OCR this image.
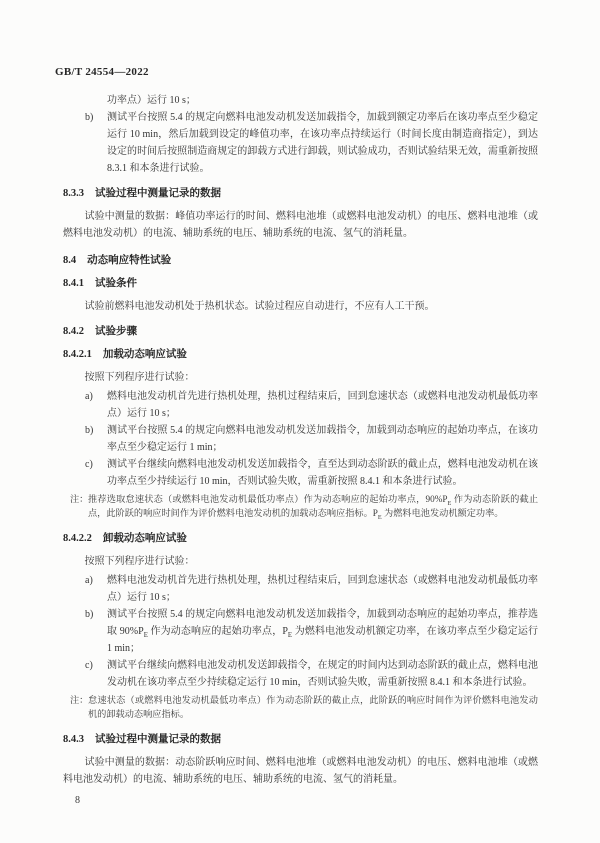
GB/T 24554—2022
功率点）运行 10 s；
b)	测试平台按照 5.4 的规定向燃料电池发动机发送加载指令，加载到额定功率后在该功率点至少稳定运行 10 min，然后加载到设定的峰值功率，在该功率点持续运行（时间长度由制造商指定），到达设定的时间后按照制造商规定的卸载方式进行卸载，则试验成功，否则试验结果无效，需重新按照 8.3.1 和本条进行试验。
8.3.3 试验过程中测量记录的数据

试验中测量的数据：峰值功率运行的时间、燃料电池堆（或燃料电池发动机）的电压、燃料电池堆（或燃料电池发动机）的电流、辅助系统的电压、辅助系统的电流、氢气的消耗量。

8.4 动态响应特性试验
8.4.1 试验条件

试验前燃料电池发动机处于热机状态。试验过程应自动进行，不应有人工干预。

8.4.2 试验步骤
8.4.2.1 加载动态响应试验

按照下列程序进行试验：

a)	燃料电池发动机首先进行热机处理，热机过程结束后，回到怠速状态（或燃料电池发动机最低功率点）运行 10 s；
b)	测试平台按照 5.4 的规定向燃料电池发动机发送加载指令，加载到动态响应的起始功率点，在该功率点至少稳定运行 1 min；
c)	测试平台继续向燃料电池发动机发送加载指令，直至达到动态阶跃的截止点，燃料电池发动机在该功率点至少持续运行 10 min，否则试验失败，需重新按照 8.4.1 和本条进行试验。
注： 推荐选取怠速状态（或燃料电池发动机最低功率点）作为动态响应的起始功率点，$90\%P_E$ 作为动态阶跃的截止点，此阶跃的响应时间作为评价燃料电池发动机的加载动态响应指标。$P_E$ 为燃料电池发动机额定功率。
8.4.2.2 卸载动态响应试验

按照下列程序进行试验：

a)	燃料电池发动机首先进行热机处理，热机过程结束后，回到怠速状态（或燃料电池发动机最低功率点）运行 10 s；
b)	测试平台按照 5.4 的规定向燃料电池发动机发送加载指令，加载到动态响应的起始功率点，推荐选取 $90\%P_E$ 作为动态响应的起始功率点，$P_E$ 为燃料电池发动机额定功率，在该功率点至少稳定运行 1 min；
c)	测试平台继续向燃料电池发动机发送卸载指令，在规定的时间内达到动态阶跃的截止点，燃料电池发动机在该功率点至少持续稳定运行 10 min，否则试验失败，需重新按照 8.4.1 和本条进行试验。
注： 怠速状态（或燃料电池发动机最低功率点）作为动态阶跃的截止点，此阶跃的响应时间作为评价燃料电池发动机的卸载动态响应指标。
8.4.3 试验过程中测量记录的数据

试验中测量的数据：动态阶跃响应时间、燃料电池堆（或燃料电池发动机）的电压、燃料电池堆（或燃料电池发动机）的电流、辅助系统的电压、辅助系统的电流、氢气的消耗量。

8
